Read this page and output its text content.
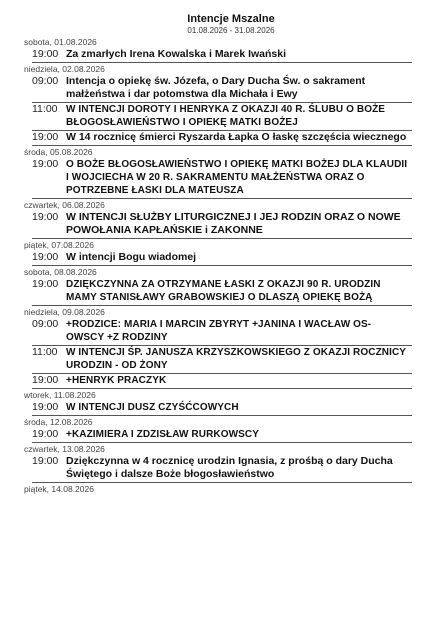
Intencje Mszalne
01.08.2026 - 31.08.2026
sobota, 01.08.2026
19:00 Za zmarłych Irena Kowalska i Marek Iwański
niedziela, 02.08.2026
09:00 Intencja o opiekę św. Józefa, o Dary Ducha Św. o sakrament małżeństwa i dar potomstwa dla Michała i Ewy
11:00 W INTENCJI DOROTY I HENRYKA Z OKAZJI 40 R. ŚLUBU O BOŻE BŁOGOSŁAWIEŃSTWO I OPIEKĘ MATKI BOŻEJ
19:00 W 14 rocznicę śmierci Ryszarda Łapka O łaskę szczęścia wiecznego
środa, 05.08.2026
19:00 O BOŻE BŁOGOSŁAWIEŃSTWO I OPIEKĘ MATKI BOŻEJ DLA KLAUDII I WOJCIECHA W 20 R. SAKRAMENTU MAŁŻEŃSTWA ORAZ O POTRZEBNE ŁASKI DLA MATEUSZA
czwartek, 06.08.2026
19:00 W INTENCJI SŁUŻBY LITURGICZNEJ I JEJ RODZIN ORAZ O NOWE POWOŁANIA KAPŁAŃSKIE i ZAKONNE
piątek, 07.08.2026
19:00 W intencji Bogu wiadomej
sobota, 08.08.2026
19:00 DZIĘKCZYNNA ZA OTRZYMANE ŁASKI Z OKAZJI 90 R. URODZIN MAMY STANISŁAWY GRABOWSKIEJ O DLASZĄ OPIEKĘ BOŻĄ
niedziela, 09.08.2026
09:00 +RODZICE: MARIA I MARCIN ZBYRYT +JANINA I WACŁAW OS- OWSCY +Z RODZINY
11:00 W INTENCJI ŚP. JANUSZA KRZYSZKOWSKIEGO Z OKAZJI ROCZNICY URODZIN - OD ŻONY
19:00 +HENRYK PRACZYK
wtorek, 11.08.2026
19:00 W INTENCJI DUSZ CZYŚĆCOWYCH
środa, 12.08.2026
19:00 +KAZIMIERA I ZDZISŁAW RURKOWSCY
czwartek, 13.08.2026
19:00 Dziękczynna w 4 rocznicę urodzin Ignasia, z prośbą o dary Ducha Świętego i dalsze Boże błogosławieństwo
piątek, 14.08.2026
